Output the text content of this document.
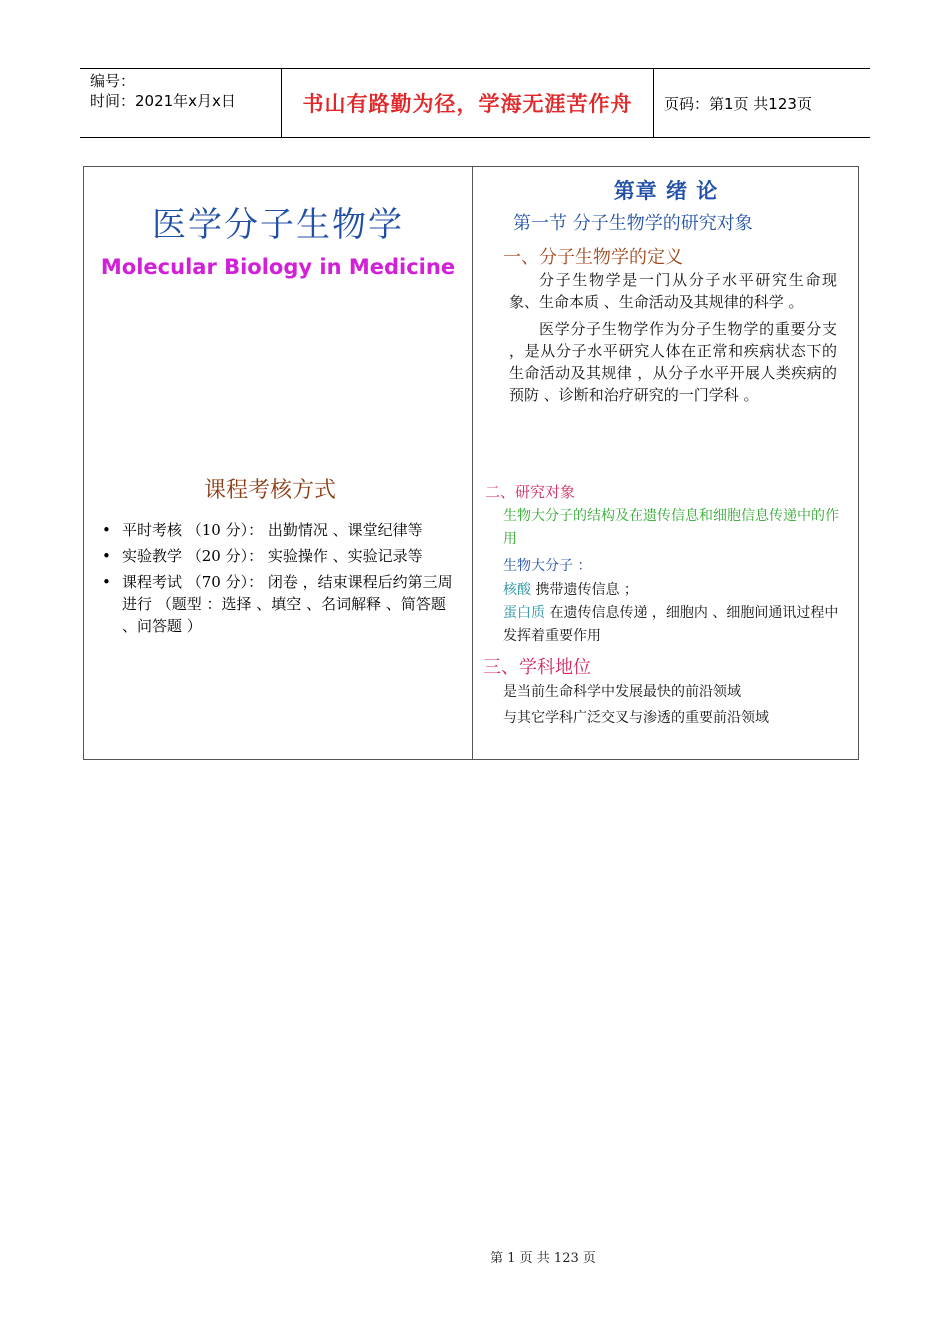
编号：
时间：2021年x月x日	书山有路勤为径，学海无涯苦作舟	页码：第1页 共123页
医学分子生物学
Molecular Biology in Medicine
课程考核方式
• 平时考核 （10 分）： 出勤情况 、课堂纪律等
• 实验教学 （20 分）： 实验操作 、实验记录等
• 课程考试 （70 分）： 闭卷 ，结束课程后约第三周进行 （题型 ：选择 、填空 、名词解释 、简答题 、问答题 ）
第章 绪 论
第一节 分子生物学的研究对象
一、分子生物学的定义
分子生物学是一门从分子水平研究生命现象、生命本质 、生命活动及其规律的科学 。
医学分子生物学作为分子生物学的重要分支 ，是从分子水平研究人体在正常和疾病状态下的生命活动及其规律 ，从分子水平开展人类疾病的预防 、诊断和治疗研究的一门学科 。
二、研究对象
生物大分子的结构及在遗传信息和细胞信息传递中的作用
生物大分子 ：
核酸 携带遗传信息 ；
蛋白质 在遗传信息传递 ，细胞内 、细胞间通讯过程中发挥着重要作用
三、学科地位
是当前生命科学中发展最快的前沿领域
与其它学科广泛交叉与渗透的重要前沿领域
第 1 页 共 123 页
